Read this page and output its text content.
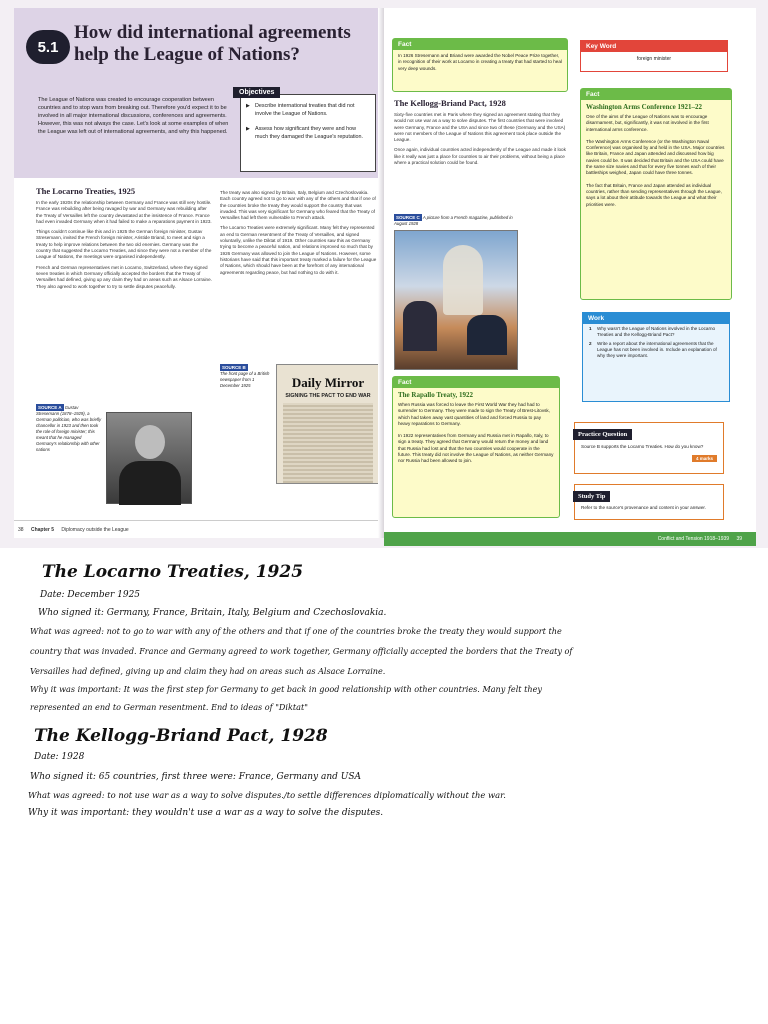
5.1
How did international agreements help the League of Nations?
The League of Nations was created to encourage cooperation between countries and to stop wars from breaking out. Therefore you'd expect it to be involved in all major international discussions, conferences and agreements. However, this was not always the case. Let's look at some examples of when the League was left out of international agreements, and why this happened.
Objectives
▶ Describe international treaties that did not involve the League of Nations.
▶ Assess how significant they were and how much they damaged the League's reputation.
The Locarno Treaties, 1925

In the early 1920s the relationship between Germany and France was still very hostile. France was rebuilding after being ravaged by war and Germany was rebuilding after the Treaty of Versailles left the country devastated at the insistence of France. France had even invaded Germany when it had failed to make a reparations payment in 1923.

Things couldn't continue like this and in 1925 the German foreign minister, Gustav Stresemann, invited the French foreign minister, Aristide Briand, to meet and sign a treaty to help improve relations between the two old enemies. Germany was the country that suggested the Locarno Treaties, and since they were not a member of the League of Nations, the meetings were organised independently.

French and German representatives met in Locarno, Switzerland, where they signed seven treaties in which Germany officially accepted the borders that the Treaty of Versailles had defined, giving up any claim they had on areas such as Alsace Lorraine. They also agreed to work together to try to settle disputes peacefully.

The treaty was also signed by Britain, Italy, Belgium and Czechoslovakia. Each country agreed not to go to war with any of the others and that if one of the countries broke the treaty they would support the country that was invaded. This was very significant for Germany who feared that the Treaty of Versailles had left them vulnerable to French attack.

The Locarno Treaties were extremely significant. Many felt they represented an end to German resentment of the Treaty of Versailles, and signed voluntarily, unlike the Diktat of 1919. Other countries saw this as Germany trying to become a peaceful nation, and relations improved so much that by 1926 Germany was allowed to join the League of Nations. However, some historians have said that this important treaty marked a failure for the League of Nations, which should have been at the forefront of any international agreements regarding peace, but had nothing to do with it.

SOURCE A Gustav Stresemann (1878–1929), a German politician, who was briefly chancellor in 1923 and then took the role of foreign minister; this meant that he managed Germany's relationship with other nations
SOURCE B
The front page of a British newspaper from 1 December 1925	Daily Mirror
SIGNING THE PACT TO END WAR
38 Chapter 5 Diplomacy outside the League
Fact
In 1926 Stresemann and Briand were awarded the Nobel Peace Prize together, in recognition of their work at Locarno in creating a treaty that had started to heal very deep wounds.
Key Word
foreign minister
The Kellogg-Briand Pact, 1928

Sixty-five countries met in Paris where they signed an agreement stating that they would not use war as a way to solve disputes. The first countries that were involved were Germany, France and the USA and since two of these (Germany and the USA) were not members of the League of Nations this agreement took place outside the League.

Once again, individual countries acted independently of the League and made it look like it really was just a place for countries to air their problems, without being a place where a practical solution could be found.

SOURCE C A picture from a French magazine, published in August 1928
Fact
Washington Arms Conference 1921–22
One of the aims of the League of Nations was to encourage disarmament, but, significantly, it was not involved in the first international arms conference.
The Washington Arms Conference (or the Washington Naval Conference) was organised by and held in the USA. Major countries like Britain, France and Japan attended and discussed how big navies could be. It was decided that Britain and the USA could have the same size navies and that for every five tonnes each of their battleships weighed, Japan could have three tonnes.
The fact that Britain, France and Japan attended as individual countries, rather than sending representatives through the League, says a lot about their attitude towards the League and what their priorities were.
Fact
The Rapallo Treaty, 1922
When Russia was forced to leave the First World War they had had to surrender to Germany. They were made to sign the Treaty of Brest-Litovsk, which had taken away vast quantities of land and forced Russia to pay heavy reparations to Germany.
In 1922 representatives from Germany and Russia met in Rapallo, Italy, to sign a treaty. They agreed that Germany would return the money and land that Russia had lost and that the two countries would cooperate in the future. This treaty did not involve the League of Nations, as neither Germany nor Russia had been allowed to join.
Work
1 Why wasn't the League of Nations involved in the Locarno Treaties and the Kellogg-Briand Pact?
2 Write a report about the international agreements that the League has not been involved in. Include an explanation of why they were important.
Practice Question
Source B supports the Locarno Treaties. How do you know?
4 marks
Study Tip
Refer to the source's provenance and content in your answer.
Conflict and Tension 1918–1939 39
The Locarno Treaties, 1925
Date: December 1925
Who signed it: Germany, France, Britain, Italy, Belgium and Czechoslovakia.
What was agreed: not to go to war with any of the others and that if one of the countries broke the treaty they would support the
country that was invaded. France and Germany agreed to work together, Germany officially accepted the borders that the Treaty of
Versailles had defined, giving up and claim they had on areas such as Alsace Lorraine.
Why it was important: It was the first step for Germany to get back in good relationship with other countries. Many felt they
represented an end to German resentment. End to ideas of "Diktat"
The Kellogg-Briand Pact, 1928
Date: 1928
Who signed it: 65 countries, first three were: France, Germany and USA
What was agreed: to not use war as a way to solve disputes./to settle differences diplomatically without the war.
Why it was important: they wouldn't use a war as a way to solve the disputes.
